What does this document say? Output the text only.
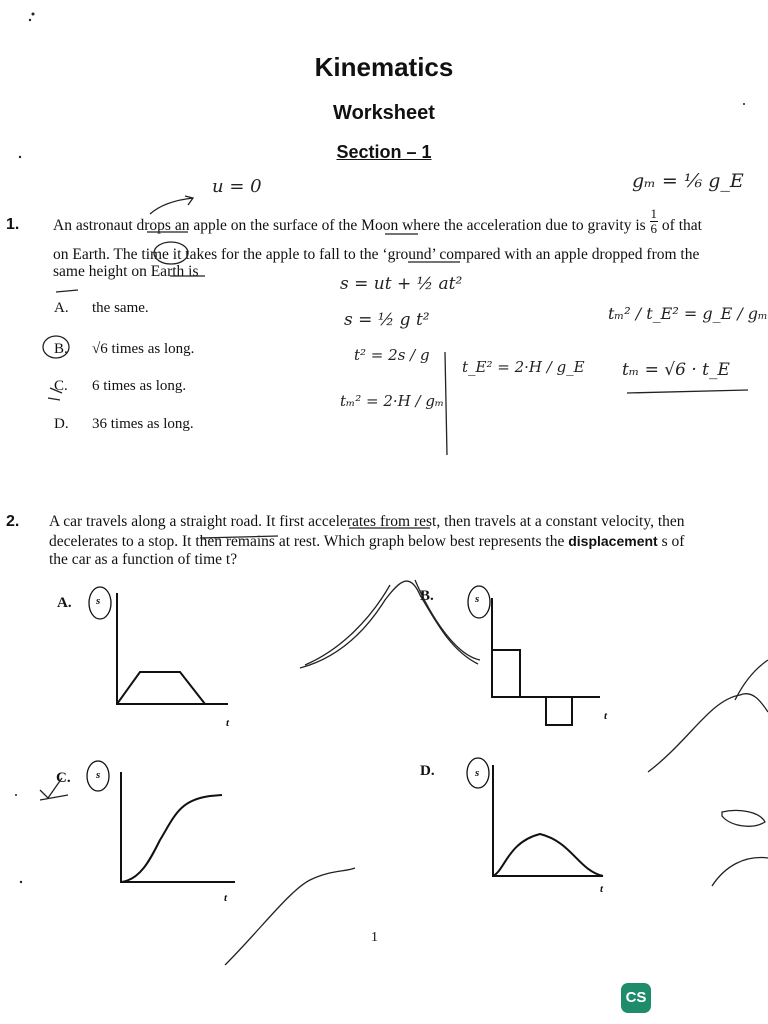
Kinematics
Worksheet
Section – 1
1. An astronaut drops an apple on the surface of the Moon where the acceleration due to gravity is $\frac{1}{6}$ of that
on Earth. The time it takes for the apple to fall to the ‘ground’ compared with an apple dropped from the
same height on Earth is
A. the same.
B. √6 times as long.
C. 6 times as long.
D. 36 times as long.
2. A car travels along a straight road. It first accelerates from rest, then travels at a constant velocity, then
decelerates to a stop. It then remains at rest. Which graph below best represents the displacement s of
the car as a function of time t?
A. s
t
B.	s
t
C. s
t
D.	s
t
u = 0	gₘ = ⅙ g_E
s = ut + ½ at²
s = ½ g t²
t² = 2s / g
tₘ² = 2·H / gₘ
t_E² = 2·H / g_E
tₘ² / t_E² = g_E / gₘ
tₘ = √6 · t_E
1
CS
